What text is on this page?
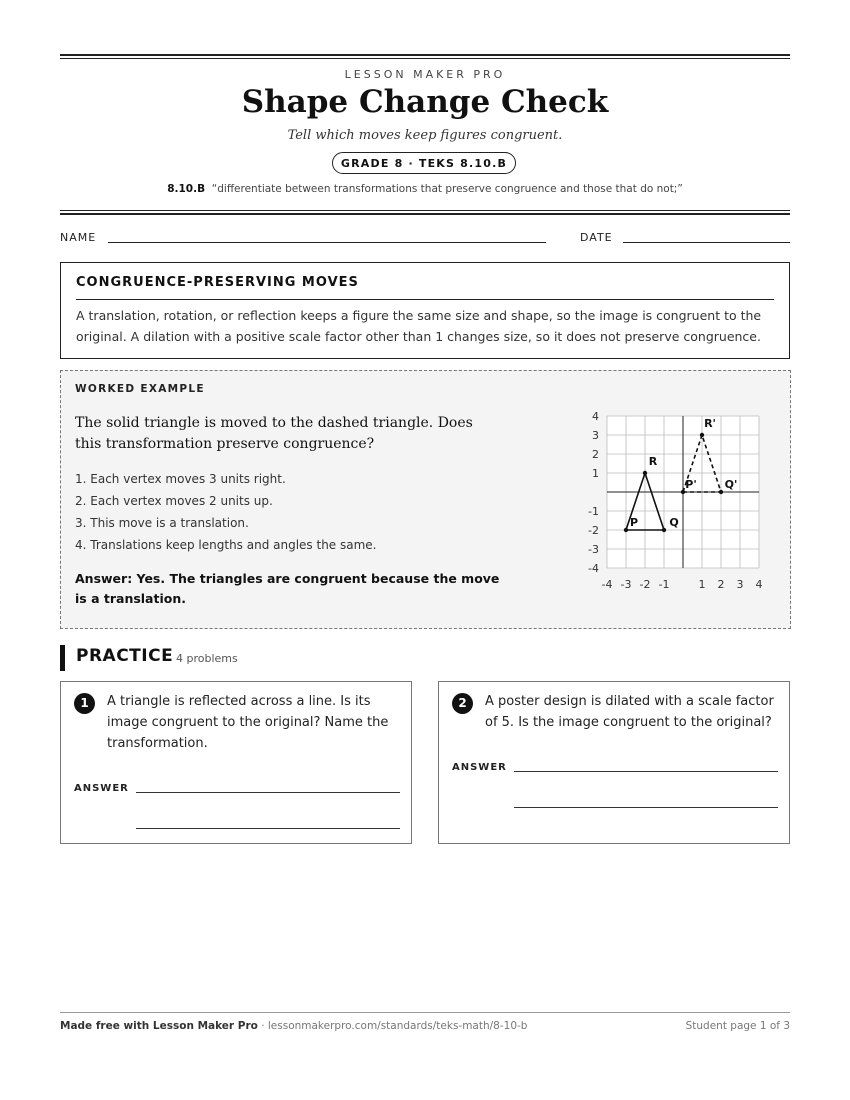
LESSON MAKER PRO
Shape Change Check
Tell which moves keep figures congruent.
GRADE 8 · TEKS 8.10.B
8.10.B “differentiate between transformations that preserve congruence and those that do not;”
NAME	DATE
CONGRUENCE-PRESERVING MOVES
A translation, rotation, or reflection keeps a figure the same size and shape, so the image is congruent to the original. A dilation with a positive scale factor other than 1 changes size, so it does not preserve congruence.
WORKED EXAMPLE
The solid triangle is moved to the dashed triangle. Does this transformation preserve congruence?
1. Each vertex moves 3 units right.
2. Each vertex moves 2 units up.
3. This move is a translation.
4. Translations keep lengths and angles the same.
Answer: Yes. The triangles are congruent because the move is a translation.
-4 -3 -2 -1	1 2 3 4
4
3
2
1
-1
-2
-3
-4
P	Q
R
P'	Q'
R'
PRACTICE 4 problems
1	A triangle is reflected across a line. Is its image congruent to the original? Name the transformation.
ANSWER
2	A poster design is dilated with a scale factor of 5. Is the image congruent to the original?
ANSWER
Made free with Lesson Maker Pro · lessonmakerpro.com/standards/teks-math/8-10-b	Student page 1 of 3
